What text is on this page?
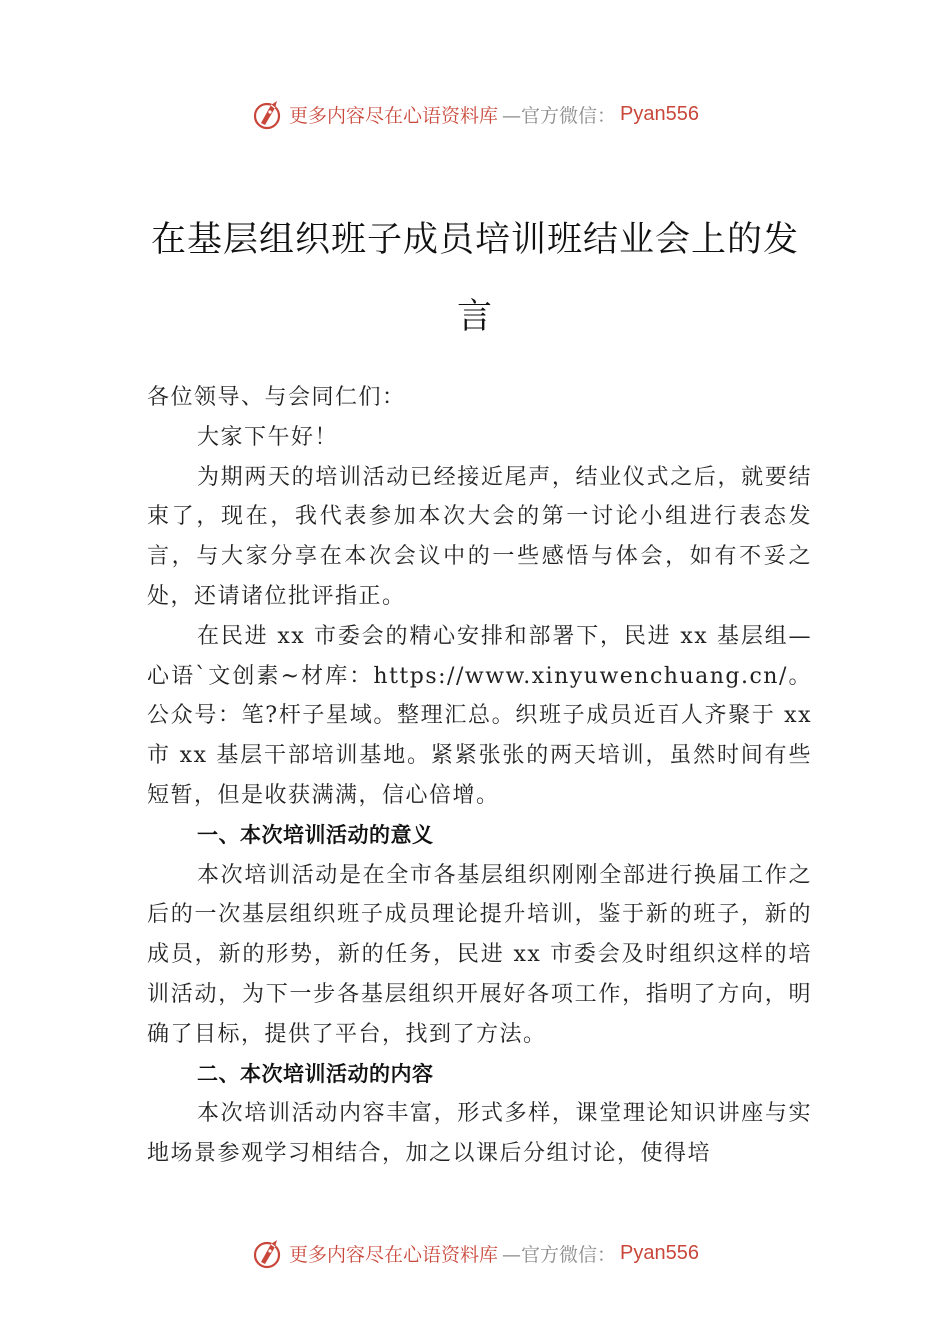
更多内容尽在心语资料库 —官方微信： Pyan556
在基层组织班子成员培训班结业会上的发言

各位领导、与会同仁们：

大家下午好！

为期两天的培训活动已经接近尾声，结业仪式之后，就要结束了，现在，我代表参加本次大会的第一讨论小组进行表态发言，与大家分享在本次会议中的一些感悟与体会，如有不妥之处，还请诸位批评指正。

在民进 xx 市委会的精心安排和部署下，民进 xx 基层组—心语`文创素~材库：https://www.xinyuwenchuang.cn/。公众号：笔?杆子星域。整理汇总。织班子成员近百人齐聚于 xx 市 xx 基层干部培训基地。紧紧张张的两天培训，虽然时间有些短暂，但是收获满满，信心倍增。

一、本次培训活动的意义

本次培训活动是在全市各基层组织刚刚全部进行换届工作之后的一次基层组织班子成员理论提升培训，鉴于新的班子，新的成员，新的形势，新的任务，民进 xx 市委会及时组织这样的培训活动，为下一步各基层组织开展好各项工作，指明了方向，明确了目标，提供了平台，找到了方法。

二、本次培训活动的内容

本次培训活动内容丰富，形式多样，课堂理论知识讲座与实地场景参观学习相结合，加之以课后分组讨论，使得培

更多内容尽在心语资料库 —官方微信： Pyan556
